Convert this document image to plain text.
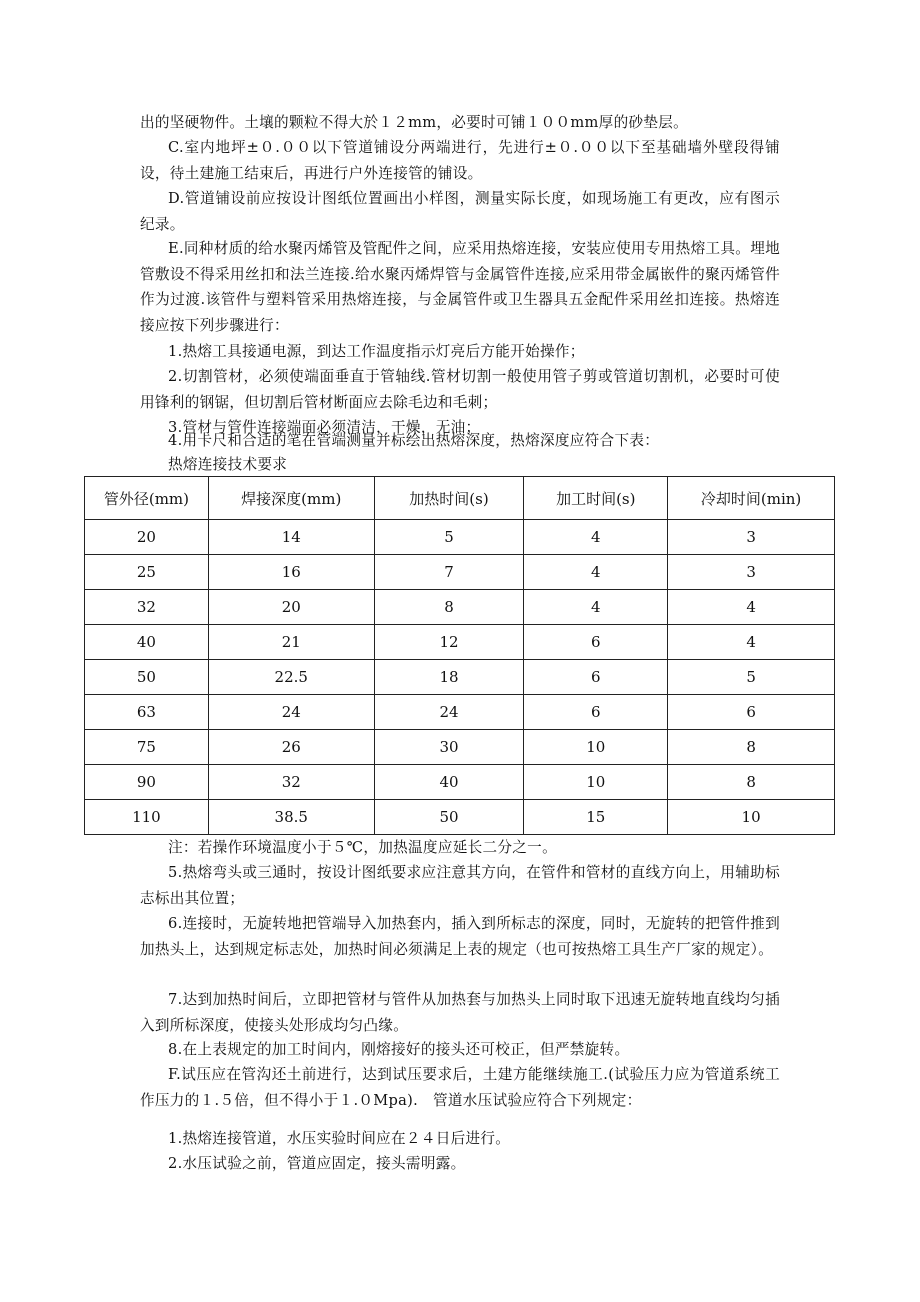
出的坚硬物件。土壤的颗粒不得大於１２mm，必要时可铺１００mm厚的砂垫层。

C.室内地坪±０.００以下管道铺设分两端进行，先进行±０.００以下至基础墙外壁段得铺设，待土建施工结束后，再进行户外连接管的铺设。

D.管道铺设前应按设计图纸位置画出小样图，测量实际长度，如现场施工有更改，应有图示纪录。

E.同种材质的给水聚丙烯管及管配件之间，应采用热熔连接，安装应使用专用热熔工具。埋地管敷设不得采用丝扣和法兰连接.给水聚丙烯焊管与金属管件连接,应采用带金属嵌件的聚丙烯管件作为过渡.该管件与塑料管采用热熔连接，与金属管件或卫生器具五金配件采用丝扣连接。热熔连接应按下列步骤进行：

1.热熔工具接通电源，到达工作温度指示灯亮后方能开始操作；

2.切割管材，必须使端面垂直于管轴线.管材切割一般使用管子剪或管道切割机，必要时可使用锋利的钢锯，但切割后管材断面应去除毛边和毛刺；

3.管材与管件连接端面必须清洁，干燥，无油；

4.用卡尺和合适的笔在管端测量并标绘出热熔深度，热熔深度应符合下表：

热熔连接技术要求

管外径(mm)	焊接深度(mm)	加热时间(s)	加工时间(s)	冷却时间(min)
20	14	5	4	3
25	16	7	4	3
32	20	8	4	4
40	21	12	6	4
50	22.5	18	6	5
63	24	24	6	6
75	26	30	10	8
90	32	40	10	8
110	38.5	50	15	10

注：若操作环境温度小于５℃，加热温度应延长二分之一。

5.热熔弯头或三通时，按设计图纸要求应注意其方向，在管件和管材的直线方向上，用辅助标志标出其位置；

6.连接时，无旋转地把管端导入加热套内，插入到所标志的深度，同时，无旋转的把管件推到加热头上，达到规定标志处，加热时间必须满足上表的规定（也可按热熔工具生产厂家的规定）。

7.达到加热时间后，立即把管材与管件从加热套与加热头上同时取下迅速无旋转地直线均匀插入到所标深度，使接头处形成均匀凸缘。

8.在上表规定的加工时间内，刚熔接好的接头还可校正，但严禁旋转。

F.试压应在管沟还土前进行，达到试压要求后，土建方能继续施工.(试验压力应为管道系统工作压力的１.５倍，但不得小于１.０Mpa).　管道水压试验应符合下列规定：

1.热熔连接管道，水压实验时间应在２４日后进行。

2.水压试验之前，管道应固定，接头需明露。
